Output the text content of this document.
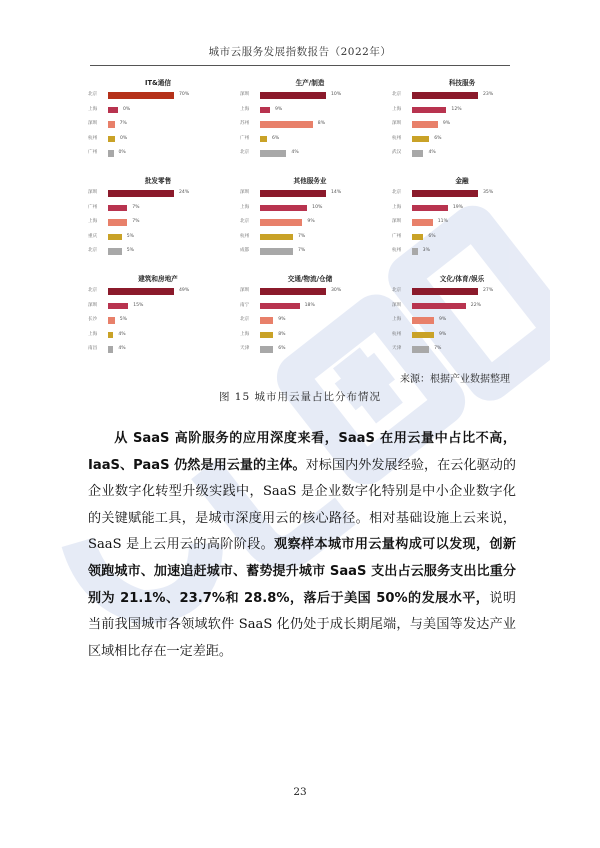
城市云服务发展指数报告（2022年）
IT&通信
北京	70%
上海	0%
深圳	7%
杭州	0%
广州	0%
生产/制造
深圳	10%
上海	9%
苏州	8%
广州	6%
北京	4%
科技服务
北京	23%
上海	12%
深圳	9%
杭州	6%
武汉	4%
批发零售
深圳	24%
广州	7%
上海	7%
重庆	5%
北京	5%
其他服务业
深圳	14%
上海	10%
北京	9%
杭州	7%
成都	7%
金融
北京	35%
上海	19%
深圳	11%
广州	6%
杭州	3%
建筑和房地产
北京	49%
深圳	15%
长沙	5%
上海	4%
南昌	4%
交通/物流/仓储
深圳	30%
南宁	18%
北京	9%
上海	8%
天津	6%
文化/体育/娱乐
北京	27%
深圳	22%
上海	9%
杭州	9%
天津	7%
来源：根据产业数据整理
图 15 城市用云量占比分布情况

从 SaaS 高阶服务的应用深度来看，SaaS 在用云量中占比不高，IaaS、PaaS 仍然是用云量的主体。对标国内外发展经验，在云化驱动的企业数字化转型升级实践中，SaaS 是企业数字化特别是中小企业数字化的关键赋能工具，是城市深度用云的核心路径。相对基础设施上云来说，SaaS 是上云用云的高阶阶段。观察样本城市用云量构成可以发现，创新领跑城市、加速追赶城市、蓄势提升城市 SaaS 支出占云服务支出比重分别为 21.1%、23.7%和 28.8%，落后于美国 50%的发展水平，说明当前我国城市各领域软件 SaaS 化仍处于成长期尾端，与美国等发达产业区域相比存在一定差距。

23
